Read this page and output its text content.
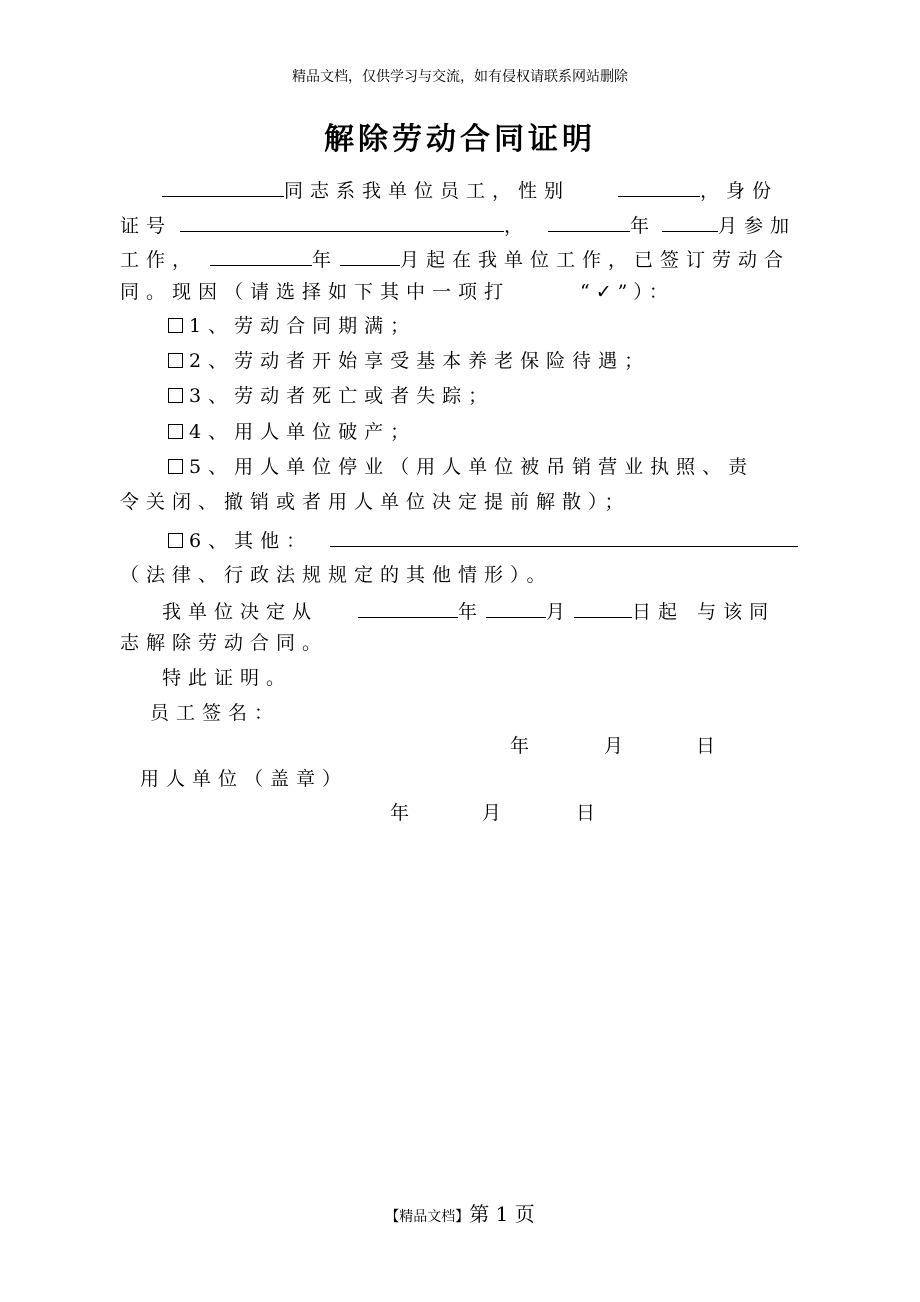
精品文档，仅供学习与交流，如有侵权请联系网站删除
解除劳动合同证明
同志系我单位员工，性别	，身份
证号	，	年	月参加
工作，	年	月起在我单位工作，已签订劳动合
同。现因（请选择如下其中一项打	“✓”）：
1、劳动合同期满；
2、劳动者开始享受基本养老保险待遇；
3、劳动者死亡或者失踪；
4、用人单位破产；
5、用人单位停业（用人单位被吊销营业执照、责
令关闭、撤销或者用人单位决定提前解散）；
6、其他：
（法律、行政法规规定的其他情形）。
我单位决定从	年	月	日起 与该同
志解除劳动合同。
特此证明。
员工签名：
年	月	日
用人单位（盖章）
年	月	日
【精品文档】第 1 页
